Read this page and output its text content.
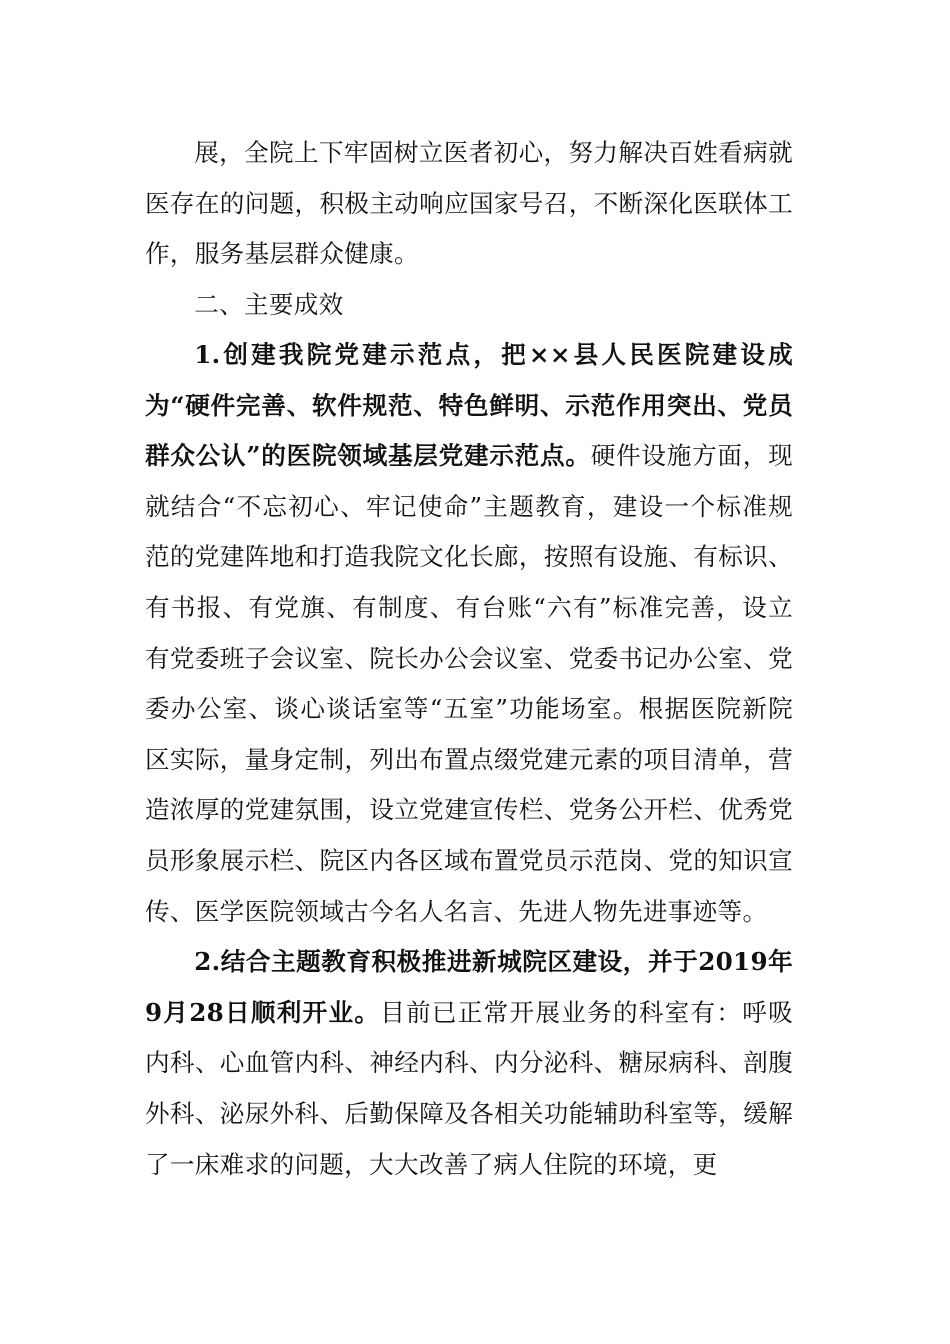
展，全院上下牢固树立医者初心，努力解决百姓看病就医存在的问题，积极主动响应国家号召，不断深化医联体工作，服务基层群众健康。

二、主要成效

1.创建我院党建示范点，把××县人民医院建设成为“硬件完善、软件规范、特色鲜明、示范作用突出、党员群众公认”的医院领域基层党建示范点。硬件设施方面，现就结合“不忘初心、牢记使命”主题教育，建设一个标准规范的党建阵地和打造我院文化长廊，按照有设施、有标识、有书报、有党旗、有制度、有台账“六有”标准完善，设立有党委班子会议室、院长办公会议室、党委书记办公室、党委办公室、谈心谈话室等“五室”功能场室。根据医院新院区实际，量身定制，列出布置点缀党建元素的项目清单，营造浓厚的党建氛围，设立党建宣传栏、党务公开栏、优秀党员形象展示栏、院区内各区域布置党员示范岗、党的知识宣传、医学医院领域古今名人名言、先进人物先进事迹等。

2.结合主题教育积极推进新城院区建设，并于2019年9月28日顺利开业。目前已正常开展业务的科室有：呼吸内科、心血管内科、神经内科、内分泌科、糖尿病科、剖腹外科、泌尿外科、后勤保障及各相关功能辅助科室等，缓解了一床难求的问题，大大改善了病人住院的环境，更
